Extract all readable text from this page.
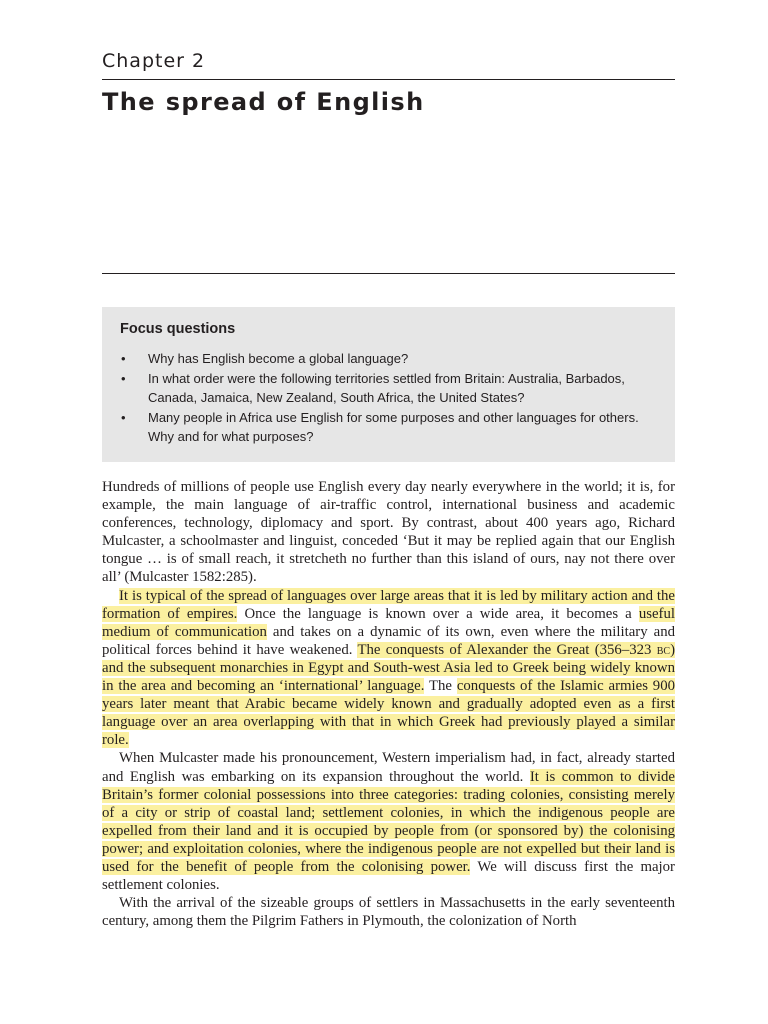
Chapter 2
The spread of English
Focus questions
• Why has English become a global language?
• In what order were the following territories settled from Britain: Australia, Barbados, Canada, Jamaica, New Zealand, South Africa, the United States?
• Many people in Africa use English for some purposes and other languages for others. Why and for what purposes?

Hundreds of millions of people use English every day nearly everywhere in the world; it is, for example, the main language of air-traffic control, international business and academic conferences, technology, diplomacy and sport. By contrast, about 400 years ago, Richard Mulcaster, a schoolmaster and linguist, conceded ‘But it may be replied again that our English tongue … is of small reach, it stretcheth no further than this island of ours, nay not there over all’ (Mulcaster 1582:285).

It is typical of the spread of languages over large areas that it is led by military action and the formation of empires. Once the language is known over a wide area, it becomes a useful medium of communication and takes on a dynamic of its own, even where the military and political forces behind it have weakened. The conquests of Alexander the Great (356–323 bc) and the subsequent monarchies in Egypt and South-west Asia led to Greek being widely known in the area and becoming an ‘international’ language. The conquests of the Islamic armies 900 years later meant that Arabic became widely known and gradually adopted even as a first language over an area overlapping with that in which Greek had previously played a similar role.

When Mulcaster made his pronouncement, Western imperialism had, in fact, already started and English was embarking on its expansion throughout the world. It is common to divide Britain’s former colonial possessions into three categories: trading colonies, consisting merely of a city or strip of coastal land; settlement colonies, in which the indigenous people are expelled from their land and it is occupied by people from (or sponsored by) the colonising power; and exploitation colonies, where the indigenous people are not expelled but their land is used for the benefit of people from the colonising power. We will discuss first the major settlement colonies.

With the arrival of the sizeable groups of settlers in Massachusetts in the early seventeenth century, among them the Pilgrim Fathers in Plymouth, the colonization of North
